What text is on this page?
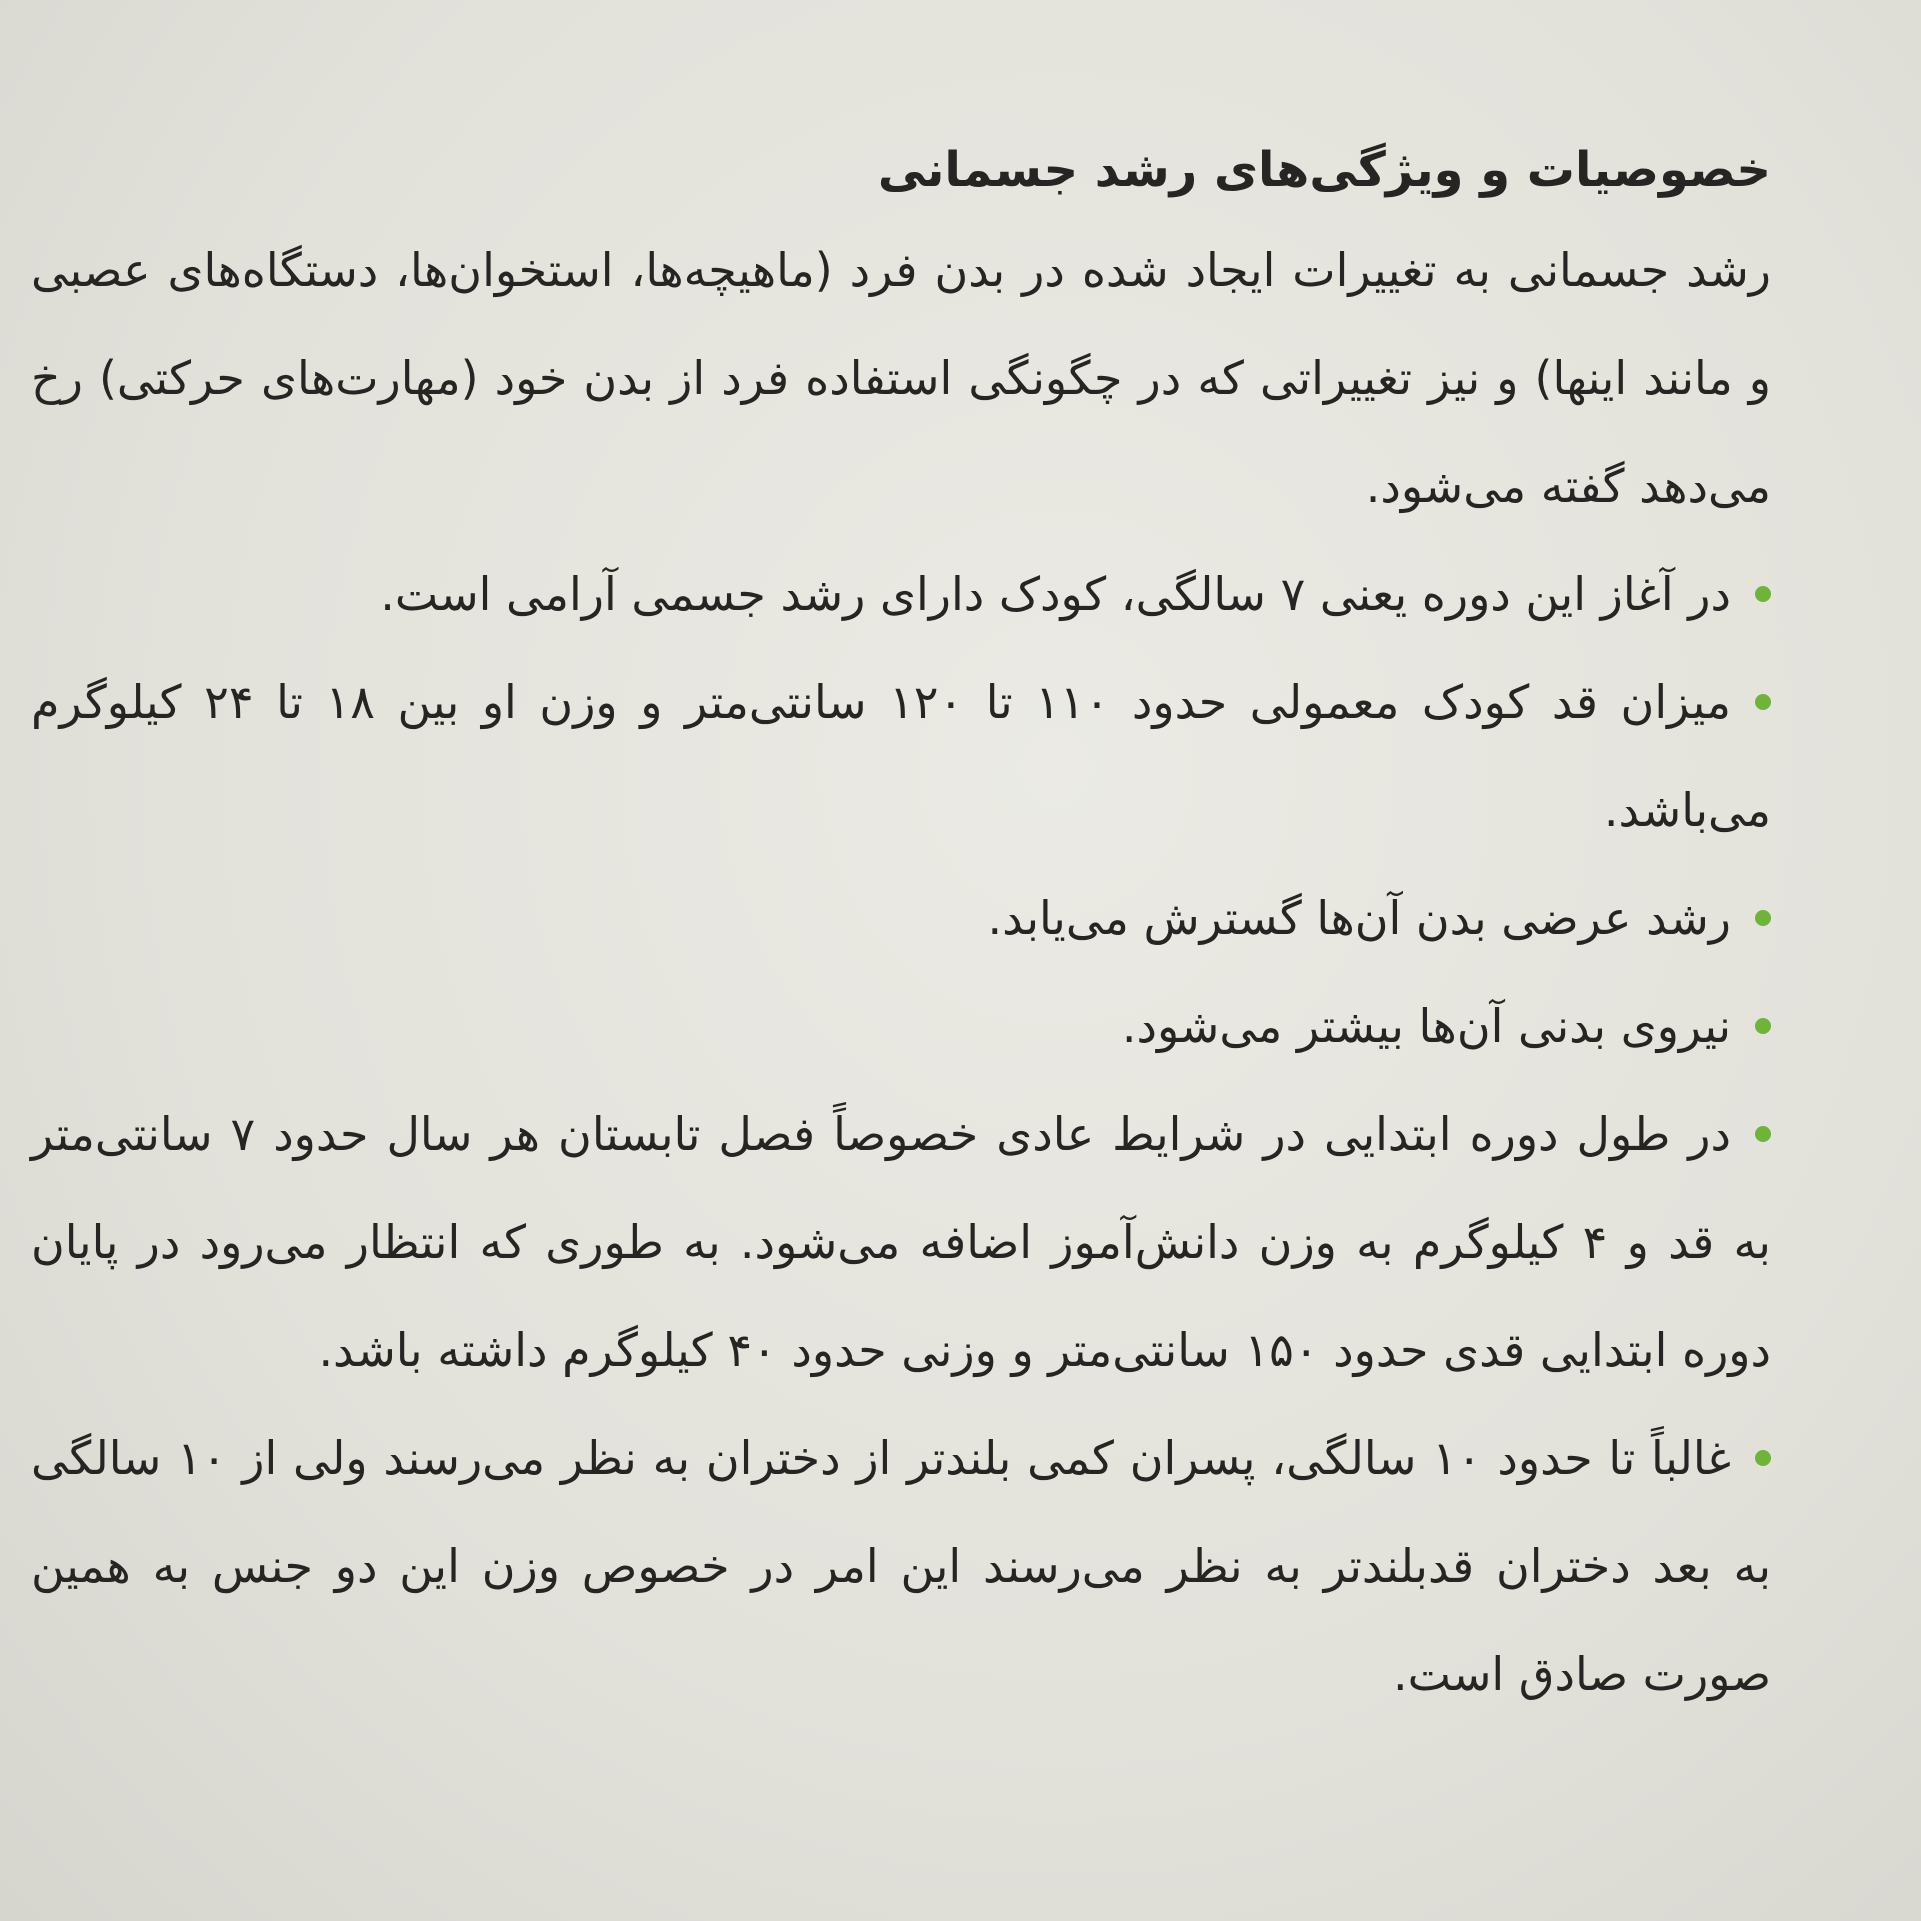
خصوصیات و ویژگی‌های رشد جسمانی

رشد جسمانی به تغییرات ایجاد شده در بدن فرد (ماهیچه‌ها، استخوان‌ها، دستگاه‌های عصبی و مانند اینها) و نیز تغییراتی که در چگونگی استفاده فرد از بدن خود (مهارت‌های حرکتی) رخ می‌دهد گفته می‌شود.

در آغاز این دوره یعنی ۷ سالگی، کودک دارای رشد جسمی آرامی است.
میزان قد کودک معمولی حدود ۱۱۰ تا ۱۲۰ سانتی‌متر و وزن او بین ۱۸ تا ۲۴ کیلوگرم می‌باشد.
رشد عرضی بدن آن‌ها گسترش می‌یابد.
نیروی بدنی آن‌ها بیشتر می‌شود.
در طول دوره ابتدایی در شرایط عادی خصوصاً فصل تابستان هر سال حدود ۷ سانتی‌متر به قد و ۴ کیلوگرم به وزن دانش‌آموز اضافه می‌شود. به طوری که انتظار می‌رود در پایان دوره ابتدایی قدی حدود ۱۵۰ سانتی‌متر و وزنی حدود ۴۰ کیلوگرم داشته باشد.
غالباً تا حدود ۱۰ سالگی، پسران کمی بلندتر از دختران به نظر می‌رسند ولی از ۱۰ سالگی به بعد دختران قدبلندتر به نظر می‌رسند این امر در خصوص وزن این دو جنس به همین صورت صادق است.
